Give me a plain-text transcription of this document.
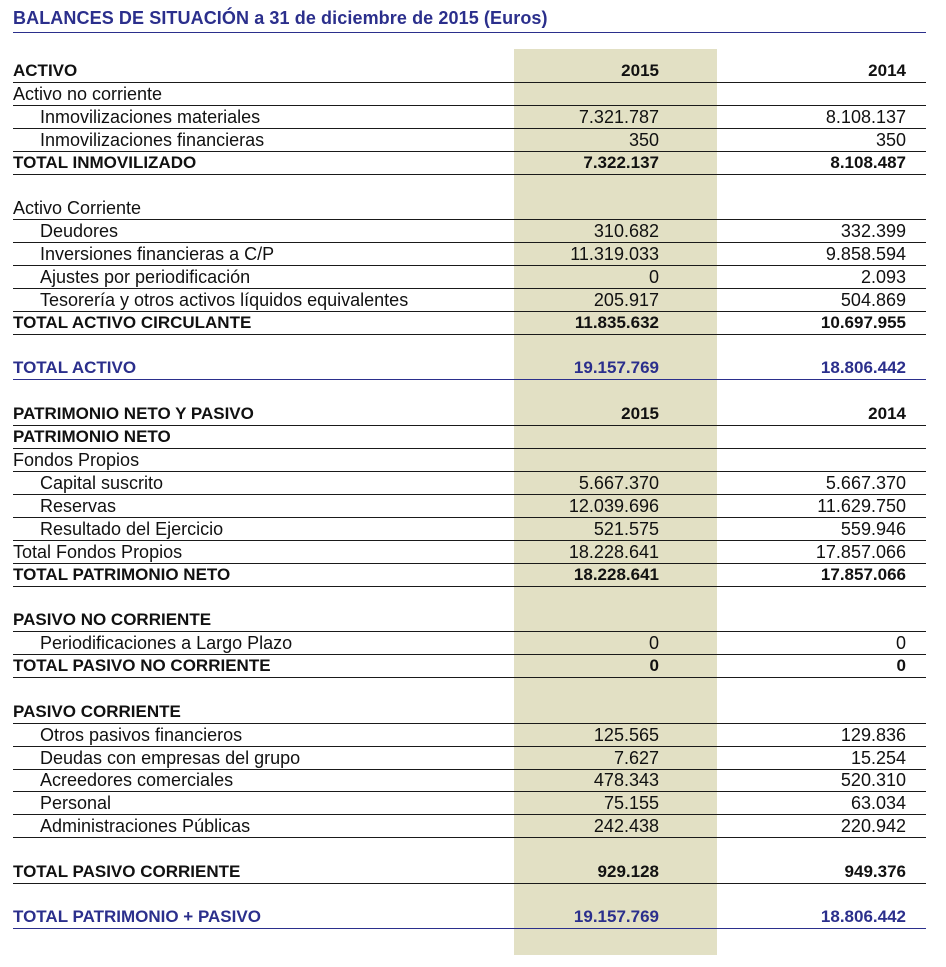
BALANCES DE SITUACIÓN a 31 de diciembre de 2015 (Euros)
ACTIVO	2015	2014
Activo no corriente
Inmovilizaciones materiales	7.321.787	8.108.137
Inmovilizaciones financieras	350	350
TOTAL INMOVILIZADO	7.322.137	8.108.487
Activo Corriente
Deudores	310.682	332.399
Inversiones financieras a C/P	11.319.033	9.858.594
Ajustes por periodificación	0	2.093
Tesorería y otros activos líquidos equivalentes	205.917	504.869
TOTAL ACTIVO CIRCULANTE	11.835.632	10.697.955
TOTAL ACTIVO	19.157.769	18.806.442
PATRIMONIO NETO Y PASIVO	2015	2014
PATRIMONIO NETO
Fondos Propios
Capital suscrito	5.667.370	5.667.370
Reservas	12.039.696	11.629.750
Resultado del Ejercicio	521.575	559.946
Total Fondos Propios	18.228.641	17.857.066
TOTAL PATRIMONIO NETO	18.228.641	17.857.066
PASIVO NO CORRIENTE
Periodificaciones a Largo Plazo	0	0
TOTAL PASIVO NO CORRIENTE	0	0
PASIVO CORRIENTE
Otros pasivos financieros	125.565	129.836
Deudas con empresas del grupo	7.627	15.254
Acreedores comerciales	478.343	520.310
Personal	75.155	63.034
Administraciones Públicas	242.438	220.942
TOTAL PASIVO CORRIENTE	929.128	949.376
TOTAL PATRIMONIO + PASIVO	19.157.769	18.806.442
